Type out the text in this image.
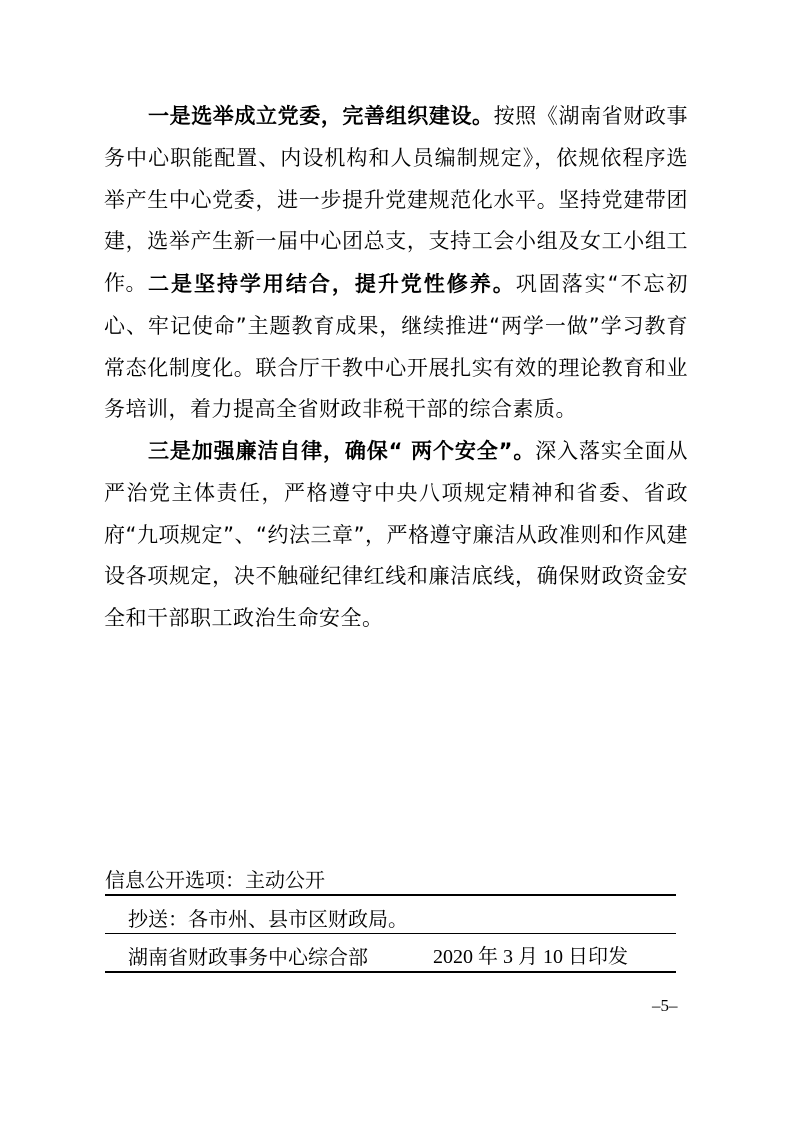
一是选举成立党委，完善组织建设。按照《湖南省财政事务中心职能配置、内设机构和人员编制规定》，依规依程序选举产生中心党委，进一步提升党建规范化水平。坚持党建带团建，选举产生新一届中心团总支，支持工会小组及女工小组工作。 二是坚持学用结合，提升党性修养。巩固落实“不忘初心、牢记使命”主题教育成果，继续推进“两学一做”学习教育常态化制度化。联合厅干教中心开展扎实有效的理论教育和业务培训，着力提高全省财政非税干部的综合素质。

三是加强廉洁自律，确保“ 两个安全”。深入落实全面从严治党主体责任，严格遵守中央八项规定精神和省委、省政府“九项规定”、“约法三章”，严格遵守廉洁从政准则和作风建设各项规定，决不触碰纪律红线和廉洁底线，确保财政资金安全和干部职工政治生命安全。

信息公开选项：主动公开
抄送：各市州、县市区财政局。
湖南省财政事务中心综合部	2020 年 3 月 10 日印发
–5–
